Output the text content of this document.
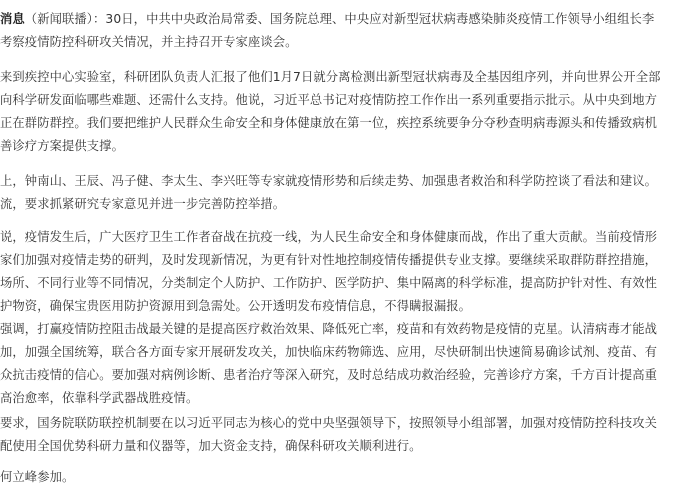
消息（新闻联播）：30日，中共中央政治局常委、国务院总理、中央应对新型冠状病毒感染肺炎疫情工作领导小组组长李
考察疫情防控科研攻关情况，并主持召开专家座谈会。

来到疾控中心实验室，科研团队负责人汇报了他们1月7日就分离检测出新型冠状病毒及全基因组序列，并向世界公开全部
向科学研发面临哪些难题、还需什么支持。他说，习近平总书记对疫情防控工作作出一系列重要指示批示。从中央到地方
正在群防群控。我们要把维护人民群众生命安全和身体健康放在第一位，疾控系统要争分夺秒查明病毒源头和传播致病机
善诊疗方案提供支撑。

上，钟南山、王辰、冯子健、李太生、李兴旺等专家就疫情形势和后续走势、加强患者救治和科学防控谈了看法和建议。
流，要求抓紧研究专家意见并进一步完善防控举措。

说，疫情发生后，广大医疗卫生工作者奋战在抗疫一线，为人民生命安全和身体健康而战，作出了重大贡献。当前疫情形
家们加强对疫情走势的研判，及时发现新情况，为更有针对性地控制疫情传播提供专业支撑。要继续采取群防群控措施，
场所、不同行业等不同情况，分类制定个人防护、工作防护、医学防护、集中隔离的科学标准，提高防护针对性、有效性
护物资，确保宝贵医用防护资源用到急需处。公开透明发布疫情信息，不得瞒报漏报。

强调，打赢疫情防控阻击战最关键的是提高医疗救治效果、降低死亡率，疫苗和有效药物是疫情的克星。认清病毒才能战
加，加强全国统筹，联合各方面专家开展研发攻关，加快临床药物筛选、应用，尽快研制出快速简易确诊试剂、疫苗、有
众抗击疫情的信心。要加强对病例诊断、患者治疗等深入研究，及时总结成功救治经验，完善诊疗方案，千方百计提高重
高治愈率，依靠科学武器战胜疫情。

要求，国务院联防联控机制要在以习近平同志为核心的党中央坚强领导下，按照领导小组部署，加强对疫情防控科技攻关
配使用全国优势科研力量和仪器等，加大资金支持，确保科研攻关顺利进行。

何立峰参加。
